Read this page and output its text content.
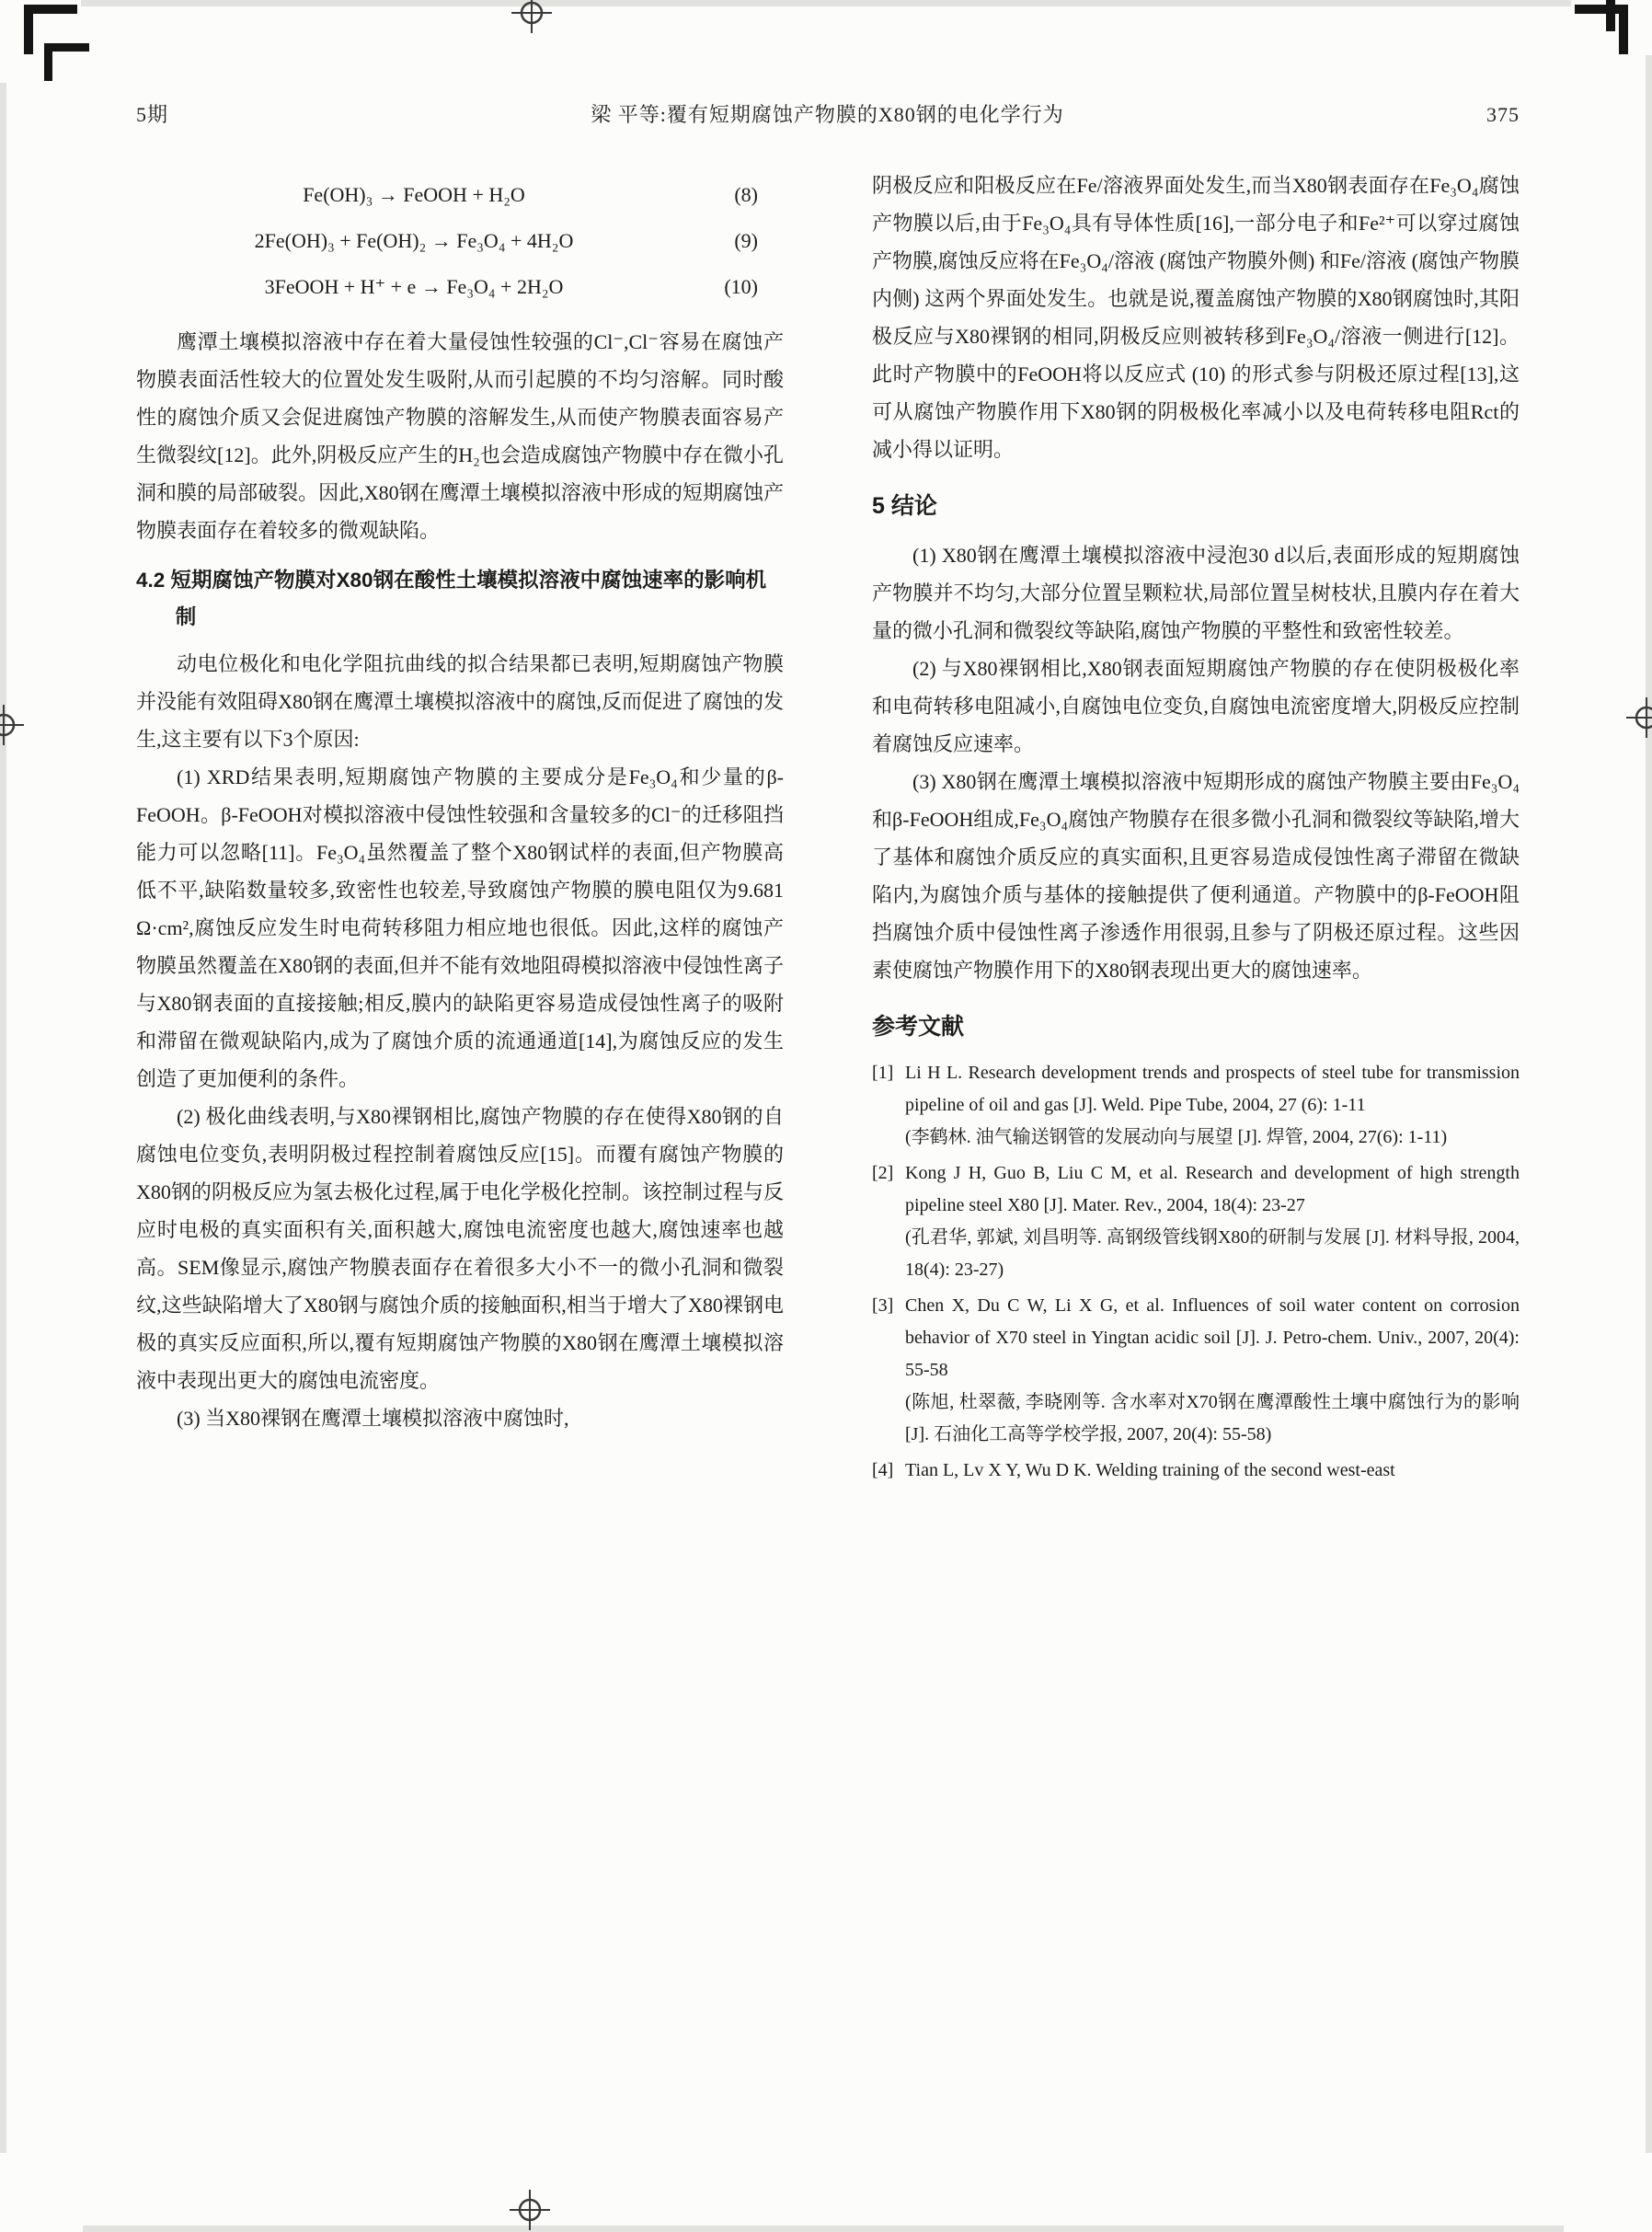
5期	梁 平等:覆有短期腐蚀产物膜的X80钢的电化学行为	375
Fe(OH)₃ → FeOOH + H₂O	(8)
2Fe(OH)₃ + Fe(OH)₂ → Fe₃O₄ + 4H₂O	(9)
3FeOOH + H⁺ + e → Fe₃O₄ + 2H₂O	(10)

鹰潭土壤模拟溶液中存在着大量侵蚀性较强的Cl⁻,Cl⁻容易在腐蚀产物膜表面活性较大的位置处发生吸附,从而引起膜的不均匀溶解。同时酸性的腐蚀介质又会促进腐蚀产物膜的溶解发生,从而使产物膜表面容易产生微裂纹[12]。此外,阴极反应产生的H₂也会造成腐蚀产物膜中存在微小孔洞和膜的局部破裂。因此,X80钢在鹰潭土壤模拟溶液中形成的短期腐蚀产物膜表面存在着较多的微观缺陷。

4.2 短期腐蚀产物膜对X80钢在酸性土壤模拟溶液中腐蚀速率的影响机制

动电位极化和电化学阻抗曲线的拟合结果都已表明,短期腐蚀产物膜并没能有效阻碍X80钢在鹰潭土壤模拟溶液中的腐蚀,反而促进了腐蚀的发生,这主要有以下3个原因:

(1) XRD结果表明,短期腐蚀产物膜的主要成分是Fe₃O₄和少量的β-FeOOH。β-FeOOH对模拟溶液中侵蚀性较强和含量较多的Cl⁻的迁移阻挡能力可以忽略[11]。Fe₃O₄虽然覆盖了整个X80钢试样的表面,但产物膜高低不平,缺陷数量较多,致密性也较差,导致腐蚀产物膜的膜电阻仅为9.681 Ω·cm²,腐蚀反应发生时电荷转移阻力相应地也很低。因此,这样的腐蚀产物膜虽然覆盖在X80钢的表面,但并不能有效地阻碍模拟溶液中侵蚀性离子与X80钢表面的直接接触;相反,膜内的缺陷更容易造成侵蚀性离子的吸附和滞留在微观缺陷内,成为了腐蚀介质的流通通道[14],为腐蚀反应的发生创造了更加便利的条件。

(2) 极化曲线表明,与X80裸钢相比,腐蚀产物膜的存在使得X80钢的自腐蚀电位变负,表明阴极过程控制着腐蚀反应[15]。而覆有腐蚀产物膜的X80钢的阴极反应为氢去极化过程,属于电化学极化控制。该控制过程与反应时电极的真实面积有关,面积越大,腐蚀电流密度也越大,腐蚀速率也越高。SEM像显示,腐蚀产物膜表面存在着很多大小不一的微小孔洞和微裂纹,这些缺陷增大了X80钢与腐蚀介质的接触面积,相当于增大了X80裸钢电极的真实反应面积,所以,覆有短期腐蚀产物膜的X80钢在鹰潭土壤模拟溶液中表现出更大的腐蚀电流密度。

(3) 当X80裸钢在鹰潭土壤模拟溶液中腐蚀时,

阴极反应和阳极反应在Fe/溶液界面处发生,而当X80钢表面存在Fe₃O₄腐蚀产物膜以后,由于Fe₃O₄具有导体性质[16],一部分电子和Fe²⁺可以穿过腐蚀产物膜,腐蚀反应将在Fe₃O₄/溶液 (腐蚀产物膜外侧) 和Fe/溶液 (腐蚀产物膜内侧) 这两个界面处发生。也就是说,覆盖腐蚀产物膜的X80钢腐蚀时,其阳极反应与X80裸钢的相同,阴极反应则被转移到Fe₃O₄/溶液一侧进行[12]。此时产物膜中的FeOOH将以反应式 (10) 的形式参与阴极还原过程[13],这可从腐蚀产物膜作用下X80钢的阴极极化率减小以及电荷转移电阻Rct的减小得以证明。

5 结论

(1) X80钢在鹰潭土壤模拟溶液中浸泡30 d以后,表面形成的短期腐蚀产物膜并不均匀,大部分位置呈颗粒状,局部位置呈树枝状,且膜内存在着大量的微小孔洞和微裂纹等缺陷,腐蚀产物膜的平整性和致密性较差。

(2) 与X80裸钢相比,X80钢表面短期腐蚀产物膜的存在使阴极极化率和电荷转移电阻减小,自腐蚀电位变负,自腐蚀电流密度增大,阴极反应控制着腐蚀反应速率。

(3) X80钢在鹰潭土壤模拟溶液中短期形成的腐蚀产物膜主要由Fe₃O₄和β-FeOOH组成,Fe₃O₄腐蚀产物膜存在很多微小孔洞和微裂纹等缺陷,增大了基体和腐蚀介质反应的真实面积,且更容易造成侵蚀性离子滞留在微缺陷内,为腐蚀介质与基体的接触提供了便利通道。产物膜中的β-FeOOH阻挡腐蚀介质中侵蚀性离子渗透作用很弱,且参与了阴极还原过程。这些因素使腐蚀产物膜作用下的X80钢表现出更大的腐蚀速率。

参考文献
[1] Li H L. Research development trends and prospects of steel tube for transmission pipeline of oil and gas [J]. Weld. Pipe Tube, 2004, 27 (6): 1-11
(李鹤林. 油气输送钢管的发展动向与展望 [J]. 焊管, 2004, 27(6): 1-11)
[2] Kong J H, Guo B, Liu C M, et al. Research and development of high strength pipeline steel X80 [J]. Mater. Rev., 2004, 18(4): 23-27
(孔君华, 郭斌, 刘昌明等. 高钢级管线钢X80的研制与发展 [J]. 材料导报, 2004, 18(4): 23-27)
[3] Chen X, Du C W, Li X G, et al. Influences of soil water content on corrosion behavior of X70 steel in Yingtan acidic soil [J]. J. Petro-chem. Univ., 2007, 20(4): 55-58
(陈旭, 杜翠薇, 李晓刚等. 含水率对X70钢在鹰潭酸性土壤中腐蚀行为的影响 [J]. 石油化工高等学校学报, 2007, 20(4): 55-58)
[4] Tian L, Lv X Y, Wu D K. Welding training of the second west-east
